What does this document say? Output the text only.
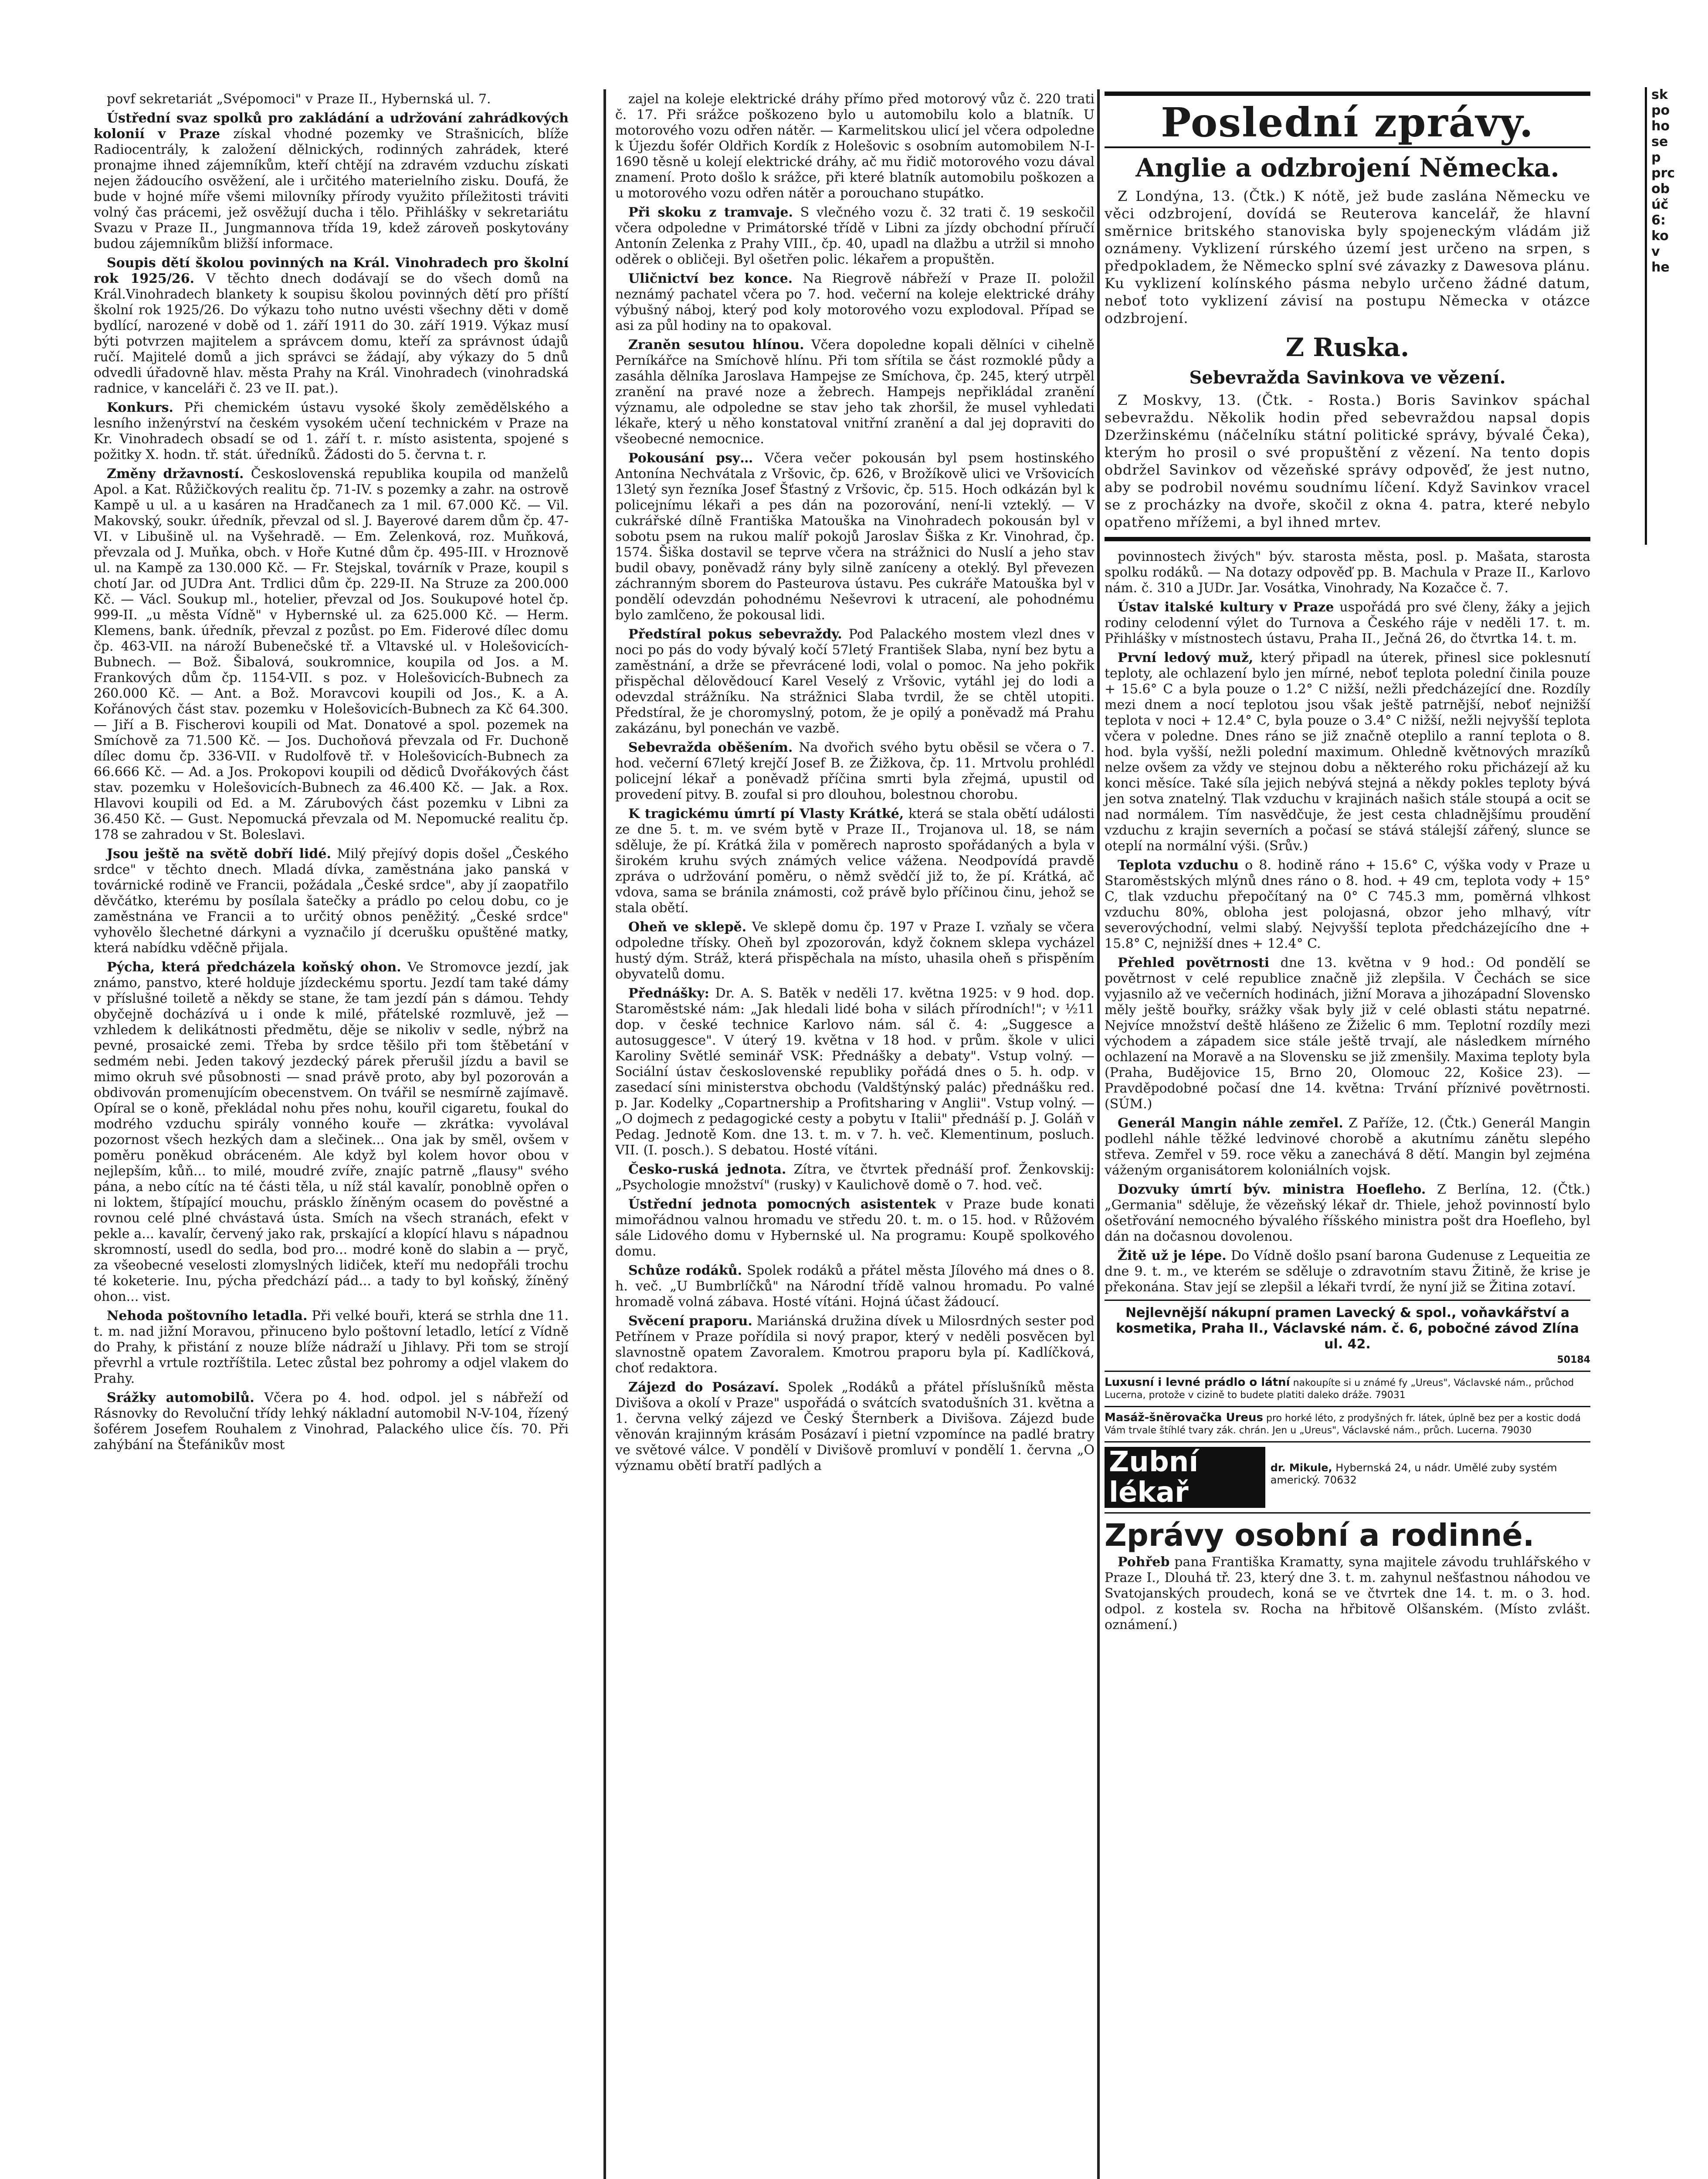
povf sekretariát „Svépomoci" v Praze II., Hybernská ul. 7.

Ústřední svaz spolků pro zakládání a udržování zahrádkových kolonií v Praze získal vhodné pozemky ve Strašnicích, blíže Radiocentrály, k založení dělnických, rodinných zahrádek, které pronajme ihned zájemníkům, kteří chtějí na zdravém vzduchu získati nejen žádoucího osvěžení, ale i určitého materielního zisku. Doufá, že bude v hojné míře všemi milovníky přírody využito příležitosti tráviti volný čas prácemi, jež osvěžují ducha i tělo. Přihlášky v sekretariátu Svazu v Praze II., Jungmannova třída 19, kdež zároveň poskytovány budou zájemníkům bližší informace.

Soupis dětí školou povinných na Král. Vinohradech pro školní rok 1925/26. V těchto dnech dodávají se do všech domů na Král.Vinohradech blankety k soupisu školou povinných dětí pro příští školní rok 1925/26. Do výkazu toho nutno uvésti všechny děti v domě bydlící, narozené v době od 1. září 1911 do 30. září 1919. Výkaz musí býti potvrzen majitelem a správcem domu, kteří za správnost údajů ručí. Majitelé domů a jich správci se žádají, aby výkazy do 5 dnů odvedli úřadovně hlav. města Prahy na Král. Vinohradech (vinohradská radnice, v kanceláři č. 23 ve II. pat.).

Konkurs. Při chemickém ústavu vysoké školy zemědělského a lesního inženýrství na českém vysokém učení technickém v Praze na Kr. Vinohradech obsadí se od 1. září t. r. místo asistenta, spojené s požitky X. hodn. tř. stát. úředníků. Žádosti do 5. června t. r.

Změny državností. Československá republika koupila od manželů Apol. a Kat. Růžičkových realitu čp. 71-IV. s pozemky a zahr. na ostrově Kampě u ul. a u kasáren na Hradčanech za 1 mil. 67.000 Kč. — Vil. Makovský, soukr. úředník, převzal od sl. J. Bayerové darem dům čp. 47-VI. v Libušině ul. na Vyšehradě. — Em. Zelenková, roz. Muňková, převzala od J. Muňka, obch. v Hoře Kutné dům čp. 495-III. v Hroznově ul. na Kampě za 130.000 Kč. — Fr. Stejskal, továrník v Praze, koupil s chotí Jar. od JUDra Ant. Trdlici dům čp. 229-II. Na Struze za 200.000 Kč. — Václ. Soukup ml., hotelier, převzal od Jos. Soukupové hotel čp. 999-II. „u města Vídně" v Hybernské ul. za 625.000 Kč. — Herm. Klemens, bank. úředník, převzal z pozůst. po Em. Fiderové dílec domu čp. 463-VII. na nároží Bubenečské tř. a Vltavské ul. v Holešovicích-Bubnech. — Bož. Šibalová, soukromnice, koupila od Jos. a M. Frankových dům čp. 1154-VII. s poz. v Holešovicích-Bubnech za 260.000 Kč. — Ant. a Bož. Moravcovi koupili od Jos., K. a A. Kořánových část stav. pozemku v Holešovicích-Bubnech za Kč 64.300. — Jiří a B. Fischerovi koupili od Mat. Donatové a spol. pozemek na Smíchově za 71.500 Kč. — Jos. Duchoňová převzala od Fr. Duchoně dílec domu čp. 336-VII. v Rudolfově tř. v Holešovicích-Bubnech za 66.666 Kč. — Ad. a Jos. Prokopovi koupili od dědiců Dvořákových část stav. pozemku v Holešovicích-Bubnech za 46.400 Kč. — Jak. a Rox. Hlavovi koupili od Ed. a M. Zárubových část pozemku v Libni za 36.450 Kč. — Gust. Nepomucká převzala od M. Nepomucké realitu čp. 178 se zahradou v St. Boleslavi.

Jsou ještě na světě dobří lidé. Milý přejívý dopis došel „Českého srdce" v těchto dnech. Mladá dívka, zaměstnána jako panská v továrnické rodině ve Francii, požádala „České srdce", aby jí zaopatřilo děvčátko, kterému by posílala šatečky a prádlo po celou dobu, co je zaměstnána ve Francii a to určitý obnos peněžitý. „České srdce" vyhovělo šlechetné dárkyni a vyznačilo jí dcerušku opuštěné matky, která nabídku vděčně přijala.

Pýcha, která předcházela koňský ohon. Ve Stromovce jezdí, jak známo, panstvo, které holduje jízdeckému sportu. Jezdí tam také dámy v příslušné toiletě a někdy se stane, že tam jezdí pán s dámou. Tehdy obyčejně docházívá u i onde k milé, přátelské rozmluvě, jež — vzhledem k delikátnosti předmětu, děje se nikoliv v sedle, nýbrž na pevné, prosaické zemi. Třeba by srdce těšilo při tom štěbetání v sedmém nebi. Jeden takový jezdecký párek přerušil jízdu a bavil se mimo okruh své působnosti — snad právě proto, aby byl pozorován a obdivován promenujícím obecenstvem. On tvářil se nesmírně zajímavě. Opíral se o koně, překládal nohu přes nohu, kouřil cigaretu, foukal do modrého vzduchu spirály vonného kouře — zkrátka: vyvolával pozornost všech hezkých dam a slečinek... Ona jak by směl, ovšem v poměru poněkud obráceném. Ale když byl kolem hovor obou v nejlepším, kůň... to milé, moudré zvíře, znajíc patrně „flausy" svého pána, a nebo cítíc na té části těla, u níž stál kavalír, ponoblně opřen o ni loktem, štípající mouchu, prásklo žíněným ocasem do pověstné a rovnou celé plné chvástavá ústa. Smích na všech stranách, efekt v pekle a... kavalír, červený jako rak, prskající a klopící hlavu s nápadnou skromností, usedl do sedla, bod pro... modré koně do slabin a — pryč, za všeobecné veselosti zlomyslných lidiček, kteří mu nedopřáli trochu té koketerie. Inu, pýcha předchází pád... a tady to byl koňský, žíněný ohon... vist.

Nehoda poštovního letadla. Při velké bouři, která se strhla dne 11. t. m. nad jižní Moravou, přinuceno bylo poštovní letadlo, letící z Vídně do Prahy, k přistání z nouze blíže nádraží u Jihlavy. Při tom se strojí převrhl a vrtule roztříštila. Letec zůstal bez pohromy a odjel vlakem do Prahy.

Srážky automobilů. Včera po 4. hod. odpol. jel s nábřeží od Rásnovky do Revoluční třídy lehký nákladní automobil N-V-104, řízený šoférem Josefem Rouhalem z Vinohrad, Palackého ulice čís. 70. Při zahýbání na Štefánikův most

zajel na koleje elektrické dráhy přímo před motorový vůz č. 220 trati č. 17. Při srážce poškozeno bylo u automobilu kolo a blatník. U motorového vozu odřen nátěr. — Karmelitskou ulicí jel včera odpoledne k Újezdu šofér Oldřich Kordík z Holešovic s osobním automobilem N-I-1690 těsně u kolejí elektrické dráhy, ač mu řidič motorového vozu dával znamení. Proto došlo k srážce, při které blatník automobilu poškozen a u motorového vozu odřen nátěr a porouchano stupátko.

Při skoku z tramvaje. S vlečného vozu č. 32 trati č. 19 seskočil včera odpoledne v Primátorské třídě v Libni za jízdy obchodní příručí Antonín Zelenka z Prahy VIII., čp. 40, upadl na dlažbu a utržil si mnoho oděrek o obličeji. Byl ošetřen polic. lékařem a propuštěn.

Uličnictví bez konce. Na Riegrově nábřeží v Praze II. položil neznámý pachatel včera po 7. hod. večerní na koleje elektrické dráhy výbušný náboj, který pod koly motorového vozu explodoval. Případ se asi za půl hodiny na to opakoval.

Zraněn sesutou hlínou. Včera dopoledne kopali dělníci v cihelně Perníkářce na Smíchově hlínu. Při tom sřítila se část rozmoklé půdy a zasáhla dělníka Jaroslava Hampejse ze Smíchova, čp. 245, který utrpěl zranění na pravé noze a žebrech. Hampejs nepřikládal zranění významu, ale odpoledne se stav jeho tak zhoršil, že musel vyhledati lékaře, který u něho konstatoval vnitřní zranění a dal jej dopraviti do všeobecné nemocnice.

Pokousání psy… Včera večer pokousán byl psem hostinského Antonína Nechvátala z Vršovic, čp. 626, v Brožíkově ulici ve Vršovicích 13letý syn řezníka Josef Šťastný z Vršovic, čp. 515. Hoch odkázán byl k policejnímu lékaři a pes dán na pozorování, není-li vzteklý. — V cukrářské dílně Františka Matouška na Vinohradech pokousán byl v sobotu psem na rukou malíř pokojů Jaroslav Šiška z Kr. Vinohrad, čp. 1574. Šiška dostavil se teprve včera na strážnici do Nuslí a jeho stav budil obavy, poněvadž rány byly silně zaníceny a oteklý. Byl převezen záchranným sborem do Pasteurova ústavu. Pes cukráře Matouška byl v pondělí odevzdán pohodnému Neševrovi k utracení, ale pohodnému bylo zamlčeno, že pokousal lidi.

Předstíral pokus sebevraždy. Pod Palackého mostem vlezl dnes v noci po pás do vody bývalý kočí 57letý František Slaba, nyní bez bytu a zaměstnání, a drže se převrácené lodi, volal o pomoc. Na jeho pokřik přispěchal dělovědoucí Karel Veselý z Vršovic, vytáhl jej do lodi a odevzdal strážníku. Na strážnici Slaba tvrdil, že se chtěl utopiti. Předstíral, že je choromyslný, potom, že je opilý a poněvadž má Prahu zakázánu, byl ponechán ve vazbě.

Sebevražda oběšením. Na dvořich svého bytu oběsil se včera o 7. hod. večerní 67letý krejčí Josef B. ze Žižkova, čp. 11. Mrtvolu prohlédl policejní lékař a poněvadž příčina smrti byla zřejmá, upustil od provedení pitvy. B. zoufal si pro dlouhou, bolestnou chorobu.

K tragickému úmrtí pí Vlasty Krátké, která se stala obětí události ze dne 5. t. m. ve svém bytě v Praze II., Trojanova ul. 18, se nám sděluje, že pí. Krátká žila v poměrech naprosto spořádaných a byla v širokém kruhu svých známých velice vážena. Neodpovídá pravdě zpráva o udržování poměru, o němž svědčí již to, že pí. Krátká, ač vdova, sama se bránila známosti, což právě bylo příčinou činu, jehož se stala obětí.

Oheň ve sklepě. Ve sklepě domu čp. 197 v Praze I. vzňaly se včera odpoledne třísky. Oheň byl zpozorován, když čoknem sklepa vycházel hustý dým. Stráž, která přispěchala na místo, uhasila oheň s přispěním obyvatelů domu.

Přednášky: Dr. A. S. Batěk v neděli 17. května 1925: v 9 hod. dop. Staroměstské nám: „Jak hledali lidé boha v silách přírodních!"; v ½11 dop. v české technice Karlovo nám. sál č. 4: „Suggesce a autosuggesce". V úterý 19. května v 18 hod. v prům. škole v ulici Karoliny Světlé seminář VSK: Přednášky a debaty". Vstup volný. — Sociální ústav československé republiky pořádá dnes o 5. h. odp. v zasedací síni ministerstva obchodu (Valdštýnský palác) přednášku red. p. Jar. Kodelky „Copartnership a Profitsharing v Anglii". Vstup volný. — „O dojmech z pedagogické cesty a pobytu v Italii" přednáší p. J. Goláň v Pedag. Jednotě Kom. dne 13. t. m. v 7. h. več. Klementinum, posluch. VII. (I. posch.). S debatou. Hosté vítáni.

Česko-ruská jednota. Zítra, ve čtvrtek přednáší prof. Ženkovskij: „Psychologie množství" (rusky) v Kaulichově domě o 7. hod. več.

Ústřední jednota pomocných asistentek v Praze bude konati mimořádnou valnou hromadu ve středu 20. t. m. o 15. hod. v Růžovém sále Lidového domu v Hybernské ul. Na programu: Koupě spolkového domu.

Schůze rodáků. Spolek rodáků a přátel města Jílového má dnes o 8. h. več. „U Bumbrlíčků" na Národní třídě valnou hromadu. Po valné hromadě volná zábava. Hosté vítáni. Hojná účast žádoucí.

Svěcení praporu. Mariánská družina dívek u Milosrdných sester pod Petřínem v Praze pořídila si nový prapor, který v neděli posvěcen byl slavnostně opatem Zavoralem. Kmotrou praporu byla pí. Kadlíčková, choť redaktora.

Zájezd do Posázaví. Spolek „Rodáků a přátel příslušníků města Divišova a okolí v Praze" uspořádá o svátcích svatodušních 31. května a 1. června velký zájezd ve Český Šternberk a Divišova. Zájezd bude věnován krajinným krásám Posázaví i pietní vzpomínce na padlé bratry ve světové válce. V pondělí v Divišově promluví v pondělí 1. června „O významu obětí bratří padlých a

Poslední zprávy.
Anglie a odzbrojení Německa.

Z Londýna, 13. (Čtk.) K nótě, jež bude zaslána Německu ve věci odzbrojení, dovídá se Reuterova kancelář, že hlavní směrnice britského stanoviska byly spojeneckým vládám již oznámeny. Vyklizení rúrského území jest určeno na srpen, s předpokladem, že Německo splní své závazky z Dawesova plánu. Ku vyklizení kolínského pásma nebylo určeno žádné datum, neboť toto vyklizení závisí na postupu Německa v otázce odzbrojení.

Z Ruska.
Sebevražda Savinkova ve vězení.

Z Moskvy, 13. (Čtk. - Rosta.) Boris Savinkov spáchal sebevraždu. Několik hodin před sebevraždou napsal dopis Dzeržinskému (náčelníku státní politické správy, bývalé Čeka), kterým ho prosil o své propuštění z vězení. Na tento dopis obdržel Savinkov od vězeňské správy odpověď, že jest nutno, aby se podrobil novému soudnímu líčení. Když Savinkov vracel se z procházky na dvoře, skočil z okna 4. patra, které nebylo opatřeno mřížemi, a byl ihned mrtev.

povinnostech živých" býv. starosta města, posl. p. Mašata, starosta spolku rodáků. — Na dotazy odpověď pp. B. Machula v Praze II., Karlovo nám. č. 310 a JUDr. Jar. Vosátka, Vinohrady, Na Kozačce č. 7.

Ústav italské kultury v Praze uspořádá pro své členy, žáky a jejich rodiny celodenní výlet do Turnova a Českého ráje v neděli 17. t. m. Přihlášky v místnostech ústavu, Praha II., Ječná 26, do čtvrtka 14. t. m.

První ledový muž, který připadl na úterek, přinesl sice poklesnutí teploty, ale ochlazení bylo jen mírné, neboť teplota polední činila pouze + 15.6° C a byla pouze o 1.2° C nižší, nežli předcházející dne. Rozdíly mezi dnem a nocí teplotou jsou však ještě patrnější, neboť nejnižší teplota v noci + 12.4° C, byla pouze o 3.4° C nižší, nežli nejvyšší teplota včera v poledne. Dnes ráno se již značně oteplilo a ranní teplota o 8. hod. byla vyšší, nežli polední maximum. Ohledně květnových mrazíků nelze ovšem za vždy ve stejnou dobu a některého roku přicházejí až ku konci měsíce. Také síla jejich nebývá stejná a někdy pokles teploty bývá jen sotva znatelný. Tlak vzduchu v krajinách našich stále stoupá a ocit se nad normálem. Tím nasvědčuje, že jest cesta chladnějšímu proudění vzduchu z krajin severních a počasí se stává stálejší zářený, slunce se oteplí na normální výši. (Srův.)

Teplota vzduchu o 8. hodině ráno + 15.6° C, výška vody v Praze u Staroměstských mlýnů dnes ráno o 8. hod. + 49 cm, teplota vody + 15° C, tlak vzduchu přepočítaný na 0° C 745.3 mm, poměrná vlhkost vzduchu 80%, obloha jest polojasná, obzor jeho mlhavý, vítr severovýchodní, velmi slabý. Nejvyšší teplota předcházejícího dne + 15.8° C, nejnižší dnes + 12.4° C.

Přehled povětrnosti dne 13. května v 9 hod.: Od pondělí se povětrnost v celé republice značně již zlepšila. V Čechách se sice vyjasnilo až ve večerních hodinách, jižní Morava a jihozápadní Slovensko měly ještě bouřky, srážky však byly již v celé oblasti státu nepatrné. Nejvíce množství deště hlášeno ze Žiželic 6 mm. Teplotní rozdíly mezi východem a západem sice stále ještě trvají, ale následkem mírného ochlazení na Moravě a na Slovensku se již zmenšily. Maxima teploty byla (Praha, Budějovice 15, Brno 20, Olomouc 22, Košice 23). — Pravděpodobné počasí dne 14. května: Trvání příznivé povětrnosti. (SÚM.)

Generál Mangin náhle zemřel. Z Paříže, 12. (Čtk.) Generál Mangin podlehl náhle těžké ledvinové chorobě a akutnímu zánětu slepého střeva. Zemřel v 59. roce věku a zanechává 8 dětí. Mangin byl zejména váženým organisátorem koloniálních vojsk.

Dozvuky úmrtí býv. ministra Hoefleho. Z Berlína, 12. (Čtk.) „Germania" sděluje, že vězeňský lékař dr. Thiele, jehož povinností bylo ošetřování nemocného bývalého říšského ministra pošt dra Hoefleho, byl dán na dočasnou dovolenou.

Žitě už je lépe. Do Vídně došlo psaní barona Gudenuse z Lequeitia ze dne 9. t. m., ve kterém se sděluje o zdravotním stavu Žitině, že krise je překonána. Stav její se zlepšil a lékaři tvrdí, že nyní již se Žitina zotaví.

Nejlevnější nákupní pramen Lavecký & spol., voňavkářství a kosmetika, Praha II., Václavské nám. č. 6, pobočné závod Zlína ul. 42.
50184
Luxusní i levné prádlo o látní nakoupíte si u známé fy „Ureus", Václavské nám., průchod Lucerna, protože v cizině to budete platiti daleko dráže. 79031
Masáž-šněrovačka Ureus pro horké léto, z prodyšných fr. látek, úplně bez per a kostic dodá Vám trvale štíhlé tvary zák. chrán. Jen u „Ureus", Václavské nám., průch. Lucerna. 79030
Zubní lékař
dr. Mikule, Hybernská 24, u nádr. Umělé zuby systém americký. 70632
Zprávy osobní a rodinné.

Pohřeb pana Františka Kramatty, syna majitele závodu truhlářského v Praze I., Dlouhá tř. 23, který dne 3. t. m. zahynul nešťastnou náhodou ve Svatojanských proudech, koná se ve čtvrtek dne 14. t. m. o 3. hod. odpol. z kostela sv. Rocha na hřbitově Olšanském. (Místo zvlášt. oznámení.)

sk
po
ho
se
p
prc
ob
úč
6:
ko
v
he
